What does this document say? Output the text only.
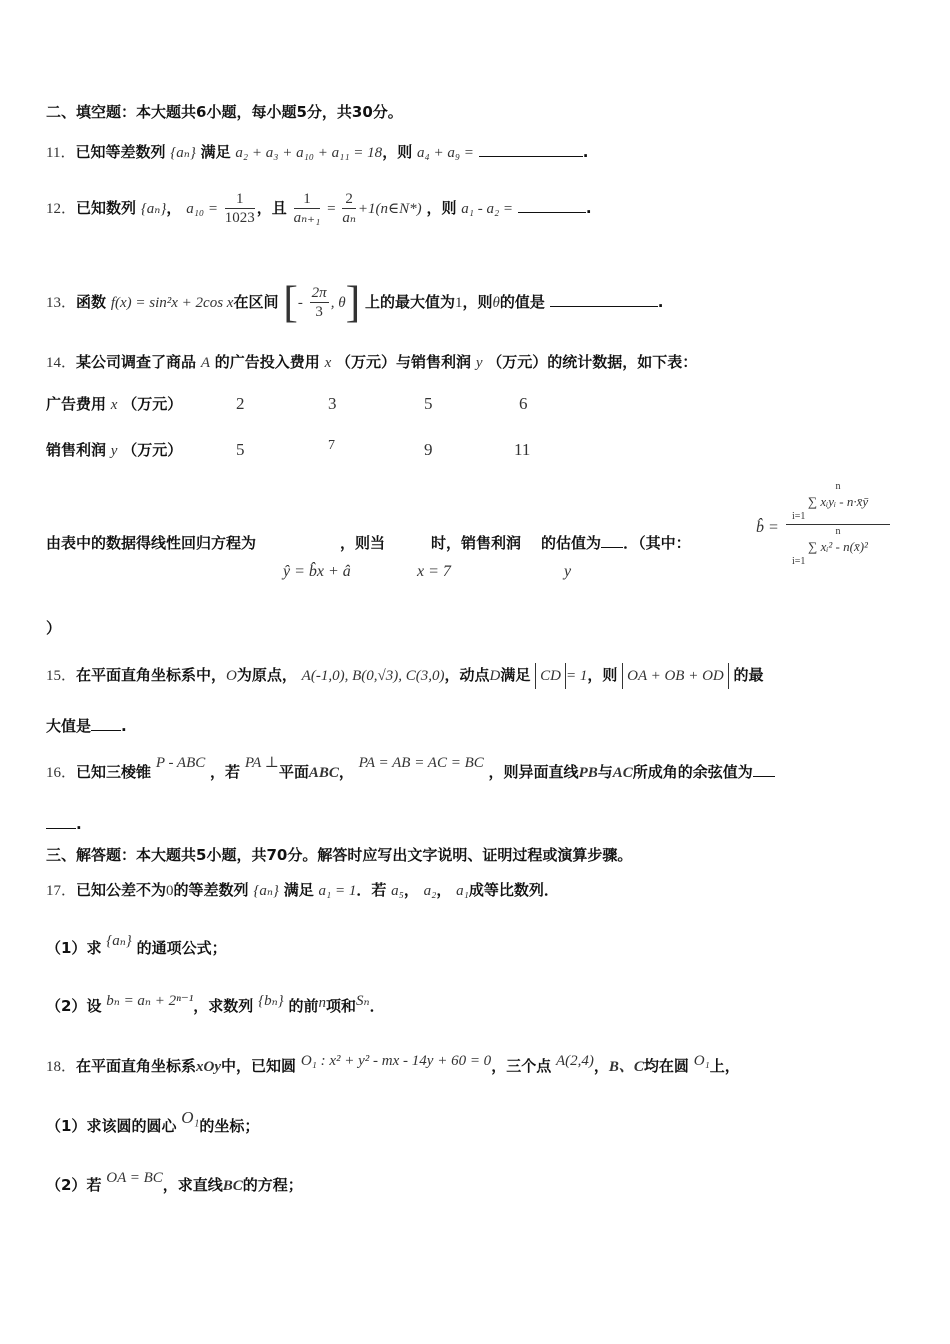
二、填空题：本大题共6小题，每小题5分，共30分。
11．已知等差数列 {aₙ} 满足 a₂ + a₃ + a₁₀ + a₁₁ = 18，则 a₄ + a₉ =	.
12．已知数列 {aₙ}， $a_{10} = \frac{1}{1023}$ ，且 $\frac{1}{\text{aₙ₊₁}} = \frac{2}{\text{aₙ}}$ +1(n∈N*) ，则 a₁ - a₂ =	.
13．函数 f(x) = sin²x + 2cos x在区间 [- $\frac{2\pi}{3}$ , θ] 上的最大值为1，则θ的值是	.
14．某公司调查了商品 A 的广告投入费用 x （万元）与销售利润 y （万元）的统计数据，如下表：
广告费用 x （万元）	2	3	5	6
销售利润 y （万元）	5	7	9	11
由表中的数据得线性回归方程为	，则当	时，销售利润 的估值为 ．（其中：
ŷ = b̂x + â	x = 7	y
b̂ =
n
∑ xᵢyᵢ - n·x̄ȳ
i=1
n
∑ xᵢ² - n(x̄)²
i=1
）
15．在平面直角坐标系中，O为原点， A(-1,0), B(0,√3), C(3,0)，动点D满足 CD = 1，则 OA + OB + OD 的最
大值是 .
16．已知三棱锥 P - ABC ，若 PA ⊥平面ABC， PA = AB = AC = BC ，则异面直线PB与AC所成角的余弦值为
.
三、解答题：本大题共5小题，共70分。解答时应写出文字说明、证明过程或演算步骤。
17．已知公差不为0的等差数列 {aₙ} 满足 a₁ = 1．若 a₅， a₂， a₁成等比数列．
（1）求 {aₙ} 的通项公式；
（2）设 bₙ = aₙ + 2ⁿ⁻¹，求数列 {bₙ} 的前n项和Sₙ．
18．在平面直角坐标系xOy中，已知圆 O₁ : x² + y² - mx - 14y + 60 = 0，三个点 A(2,4)，B、C均在圆 O₁上，
（1）求该圆的圆心 O₁的坐标；
（2）若 OA = BC，求直线BC的方程；
